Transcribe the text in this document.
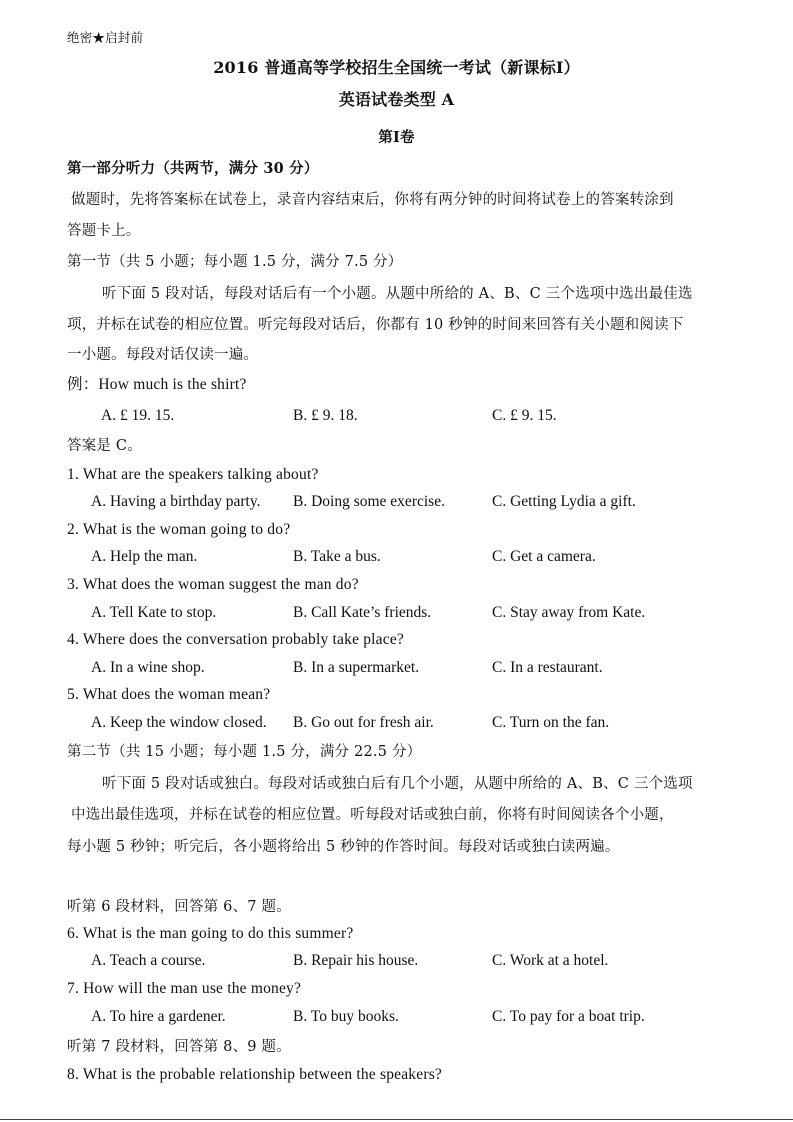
绝密★启封前
2016 普通高等学校招生全国统一考试（新课标Ⅰ）
英语试卷类型 A
第Ⅰ卷
第一部分听力（共两节，满分 30 分）
做题时，先将答案标在试卷上，录音内容结束后，你将有两分钟的时间将试卷上的答案转涂到
答题卡上。
第一节（共 5 小题；每小题 1.5 分，满分 7.5 分）
听下面 5 段对话，每段对话后有一个小题。从题中所给的 A、B、C 三个选项中选出最佳选
项，并标在试卷的相应位置。听完每段对话后，你都有 10 秒钟的时间来回答有关小题和阅读下
一小题。每段对话仅读一遍。
例：How much is the shirt?
A. £ 19. 15.	B. £ 9. 18.	C. £ 9. 15.
答案是 C。
1. What are the speakers talking about?
A. Having a birthday party. B. Doing some exercise.	C. Getting Lydia a gift.
2. What is the woman going to do?
A. Help the man.	B. Take a bus.	C. Get a camera.
3. What does the woman suggest the man do?
A. Tell Kate to stop.	B. Call Kate’s friends.	C. Stay away from Kate.
4. Where does the conversation probably take place?
A. In a wine shop.	B. In a supermarket.	C. In a restaurant.
5. What does the woman mean?
A. Keep the window closed. B. Go out for fresh air.	C. Turn on the fan.
第二节（共 15 小题；每小题 1.5 分，满分 22.5 分）
听下面 5 段对话或独白。每段对话或独白后有几个小题，从题中所给的 A、B、C 三个选项
中选出最佳选项，并标在试卷的相应位置。听每段对话或独白前，你将有时间阅读各个小题，
每小题 5 秒钟；听完后，各小题将给出 5 秒钟的作答时间。每段对话或独白读两遍。
听第 6 段材料，回答第 6、7 题。
6. What is the man going to do this summer?
A. Teach a course.	B. Repair his house.	C. Work at a hotel.
7. How will the man use the money?
A. To hire a gardener.	B. To buy books.	C. To pay for a boat trip.
听第 7 段材料，回答第 8、9 题。
8. What is the probable relationship between the speakers?
